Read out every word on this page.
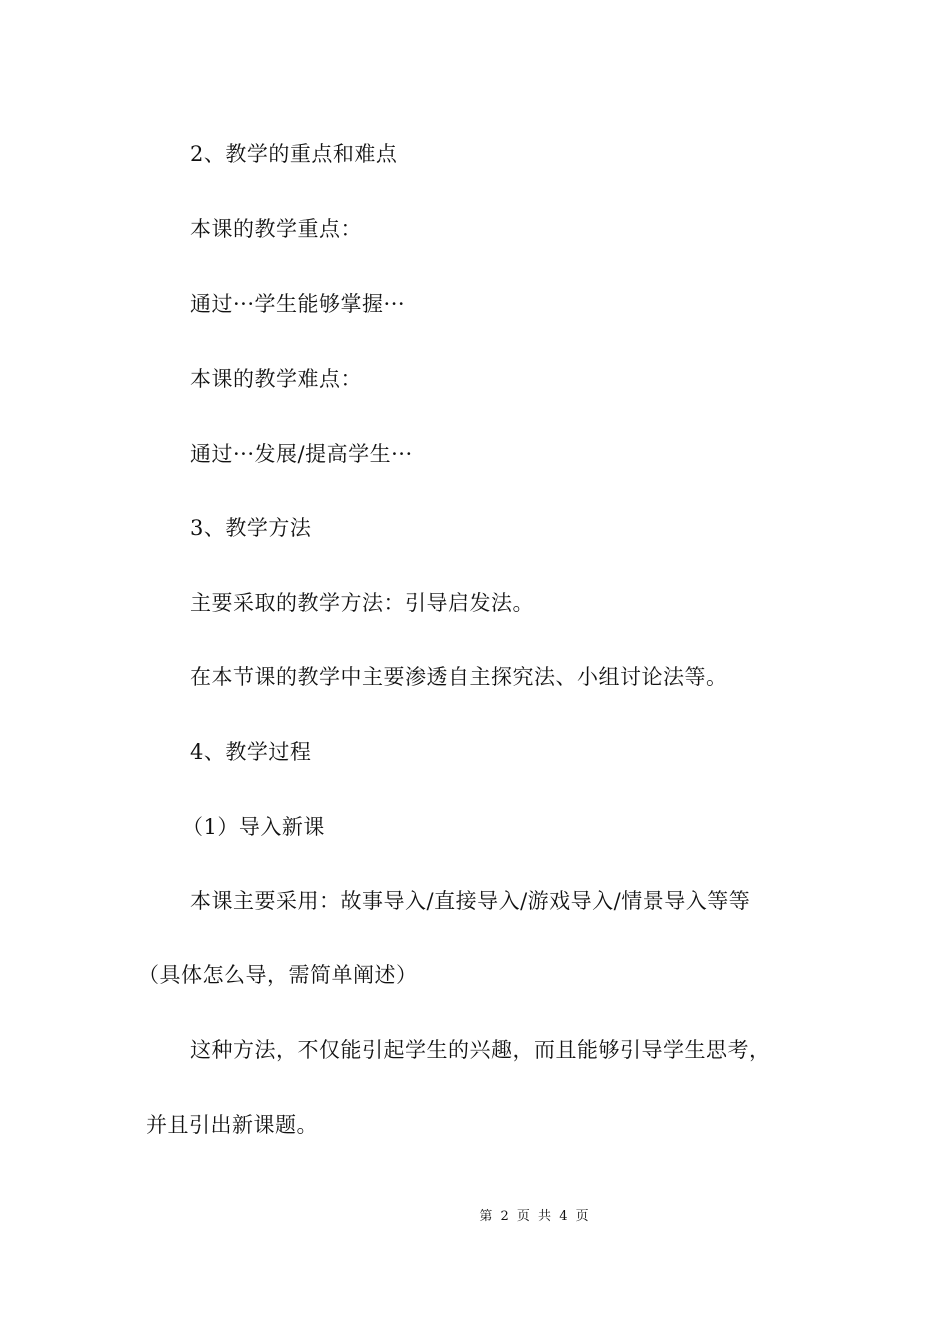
2、教学的重点和难点
本课的教学重点：
通过···学生能够掌握···
本课的教学难点：
通过···发展/提高学生···
3、教学方法
主要采取的教学方法：引导启发法。
在本节课的教学中主要渗透自主探究法、小组讨论法等。
4、教学过程
（1）导入新课
本课主要采用：故事导入/直接导入/游戏导入/情景导入等等
（具体怎么导，需简单阐述）
这种方法，不仅能引起学生的兴趣，而且能够引导学生思考，
并且引出新课题。
第 2 页 共 4 页
